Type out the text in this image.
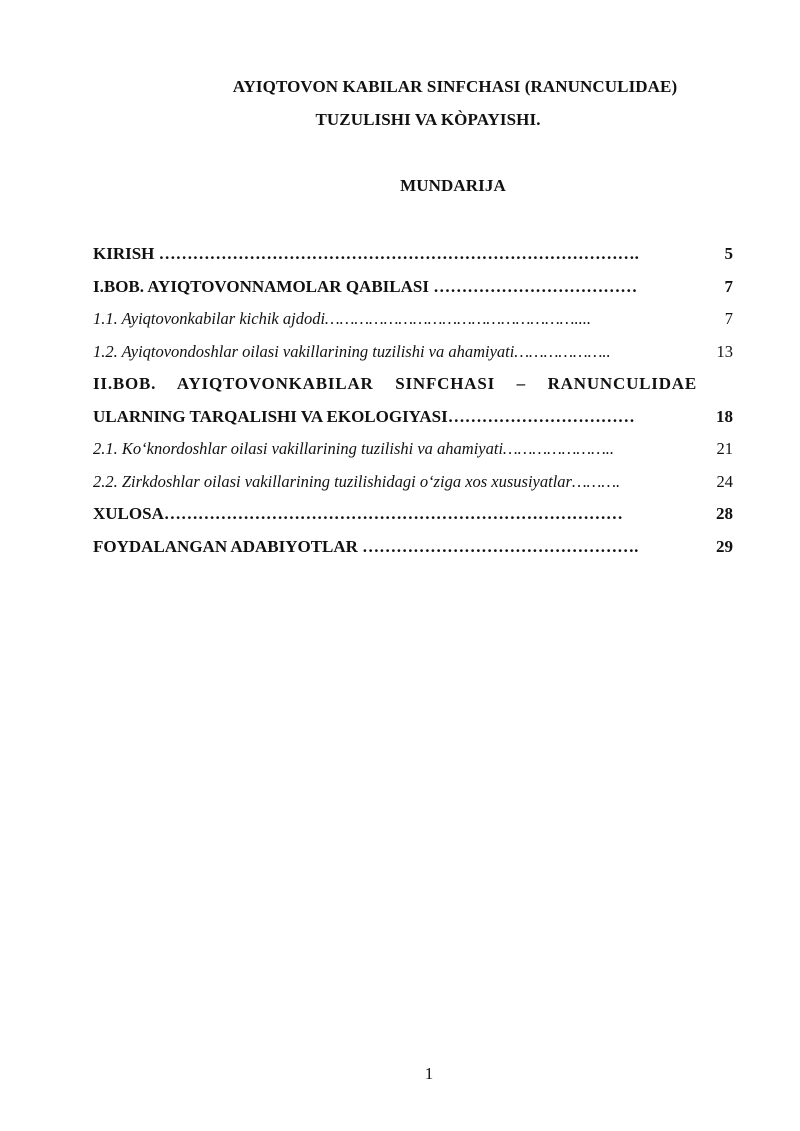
AYIQTOVON KABILAR SINFCHASI (RANUNCULIDAE)
TUZULISHI VA KÒPAYISHI.
MUNDARIJA
KIRISH ………………………………………………………………………….	5
I.BOB. AYIQTOVONNAMOLAR QABILASI ………………………………	7
1.1. Ayiqtovonkabilar kichik ajdodi……………………………………………....	7
1.2. Ayiqtovondoshlar oilasi vakillarining tuzilishi va ahamiyati………………..	13
II.BOB. AYIQTOVONKABILAR SINFCHASI – RANUNCULIDAE
ULARNING TARQALISHI VA EKOLOGIYASI……………………………	18
2.1. Ko‘knordoshlar oilasi vakillarining tuzilishi va ahamiyati…………………..	21
2.2. Zirkdoshlar oilasi vakillarining tuzilishidagi o‘ziga xos xususiyatlar……….	24
XULOSA………………………………………………………………………	28
FOYDALANGAN ADABIYOTLAR ………………………………………….	29
1
